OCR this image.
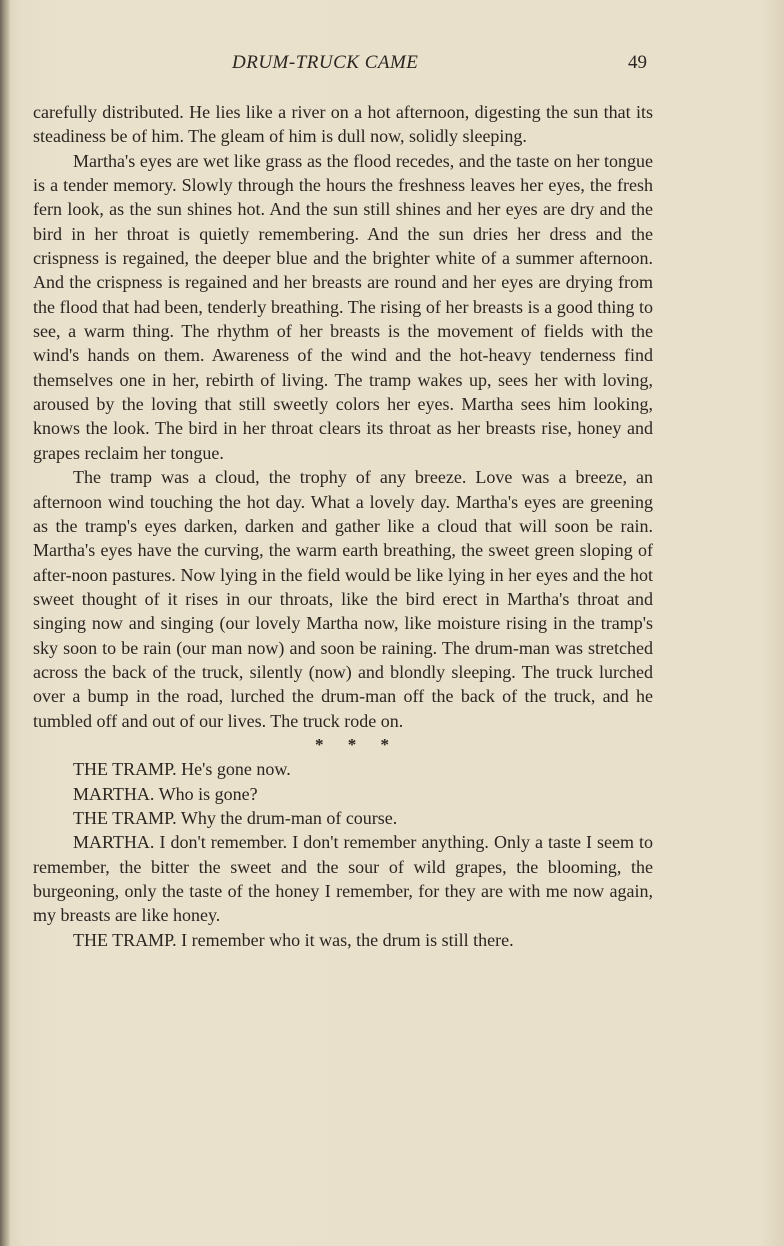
DRUM-TRUCK CAME	49

carefully distributed. He lies like a river on a hot afternoon, digesting the sun that its steadiness be of him. The gleam of him is dull now, solidly sleeping.

Martha's eyes are wet like grass as the flood recedes, and the taste on her tongue is a tender memory. Slowly through the hours the freshness leaves her eyes, the fresh fern look, as the sun shines hot. And the sun still shines and her eyes are dry and the bird in her throat is quietly remembering. And the sun dries her dress and the crispness is regained, the deeper blue and the brighter white of a summer afternoon. And the crispness is regained and her breasts are round and her eyes are drying from the flood that had been, tenderly breathing. The rising of her breasts is a good thing to see, a warm thing. The rhythm of her breasts is the movement of fields with the wind's hands on them. Awareness of the wind and the hot-heavy tenderness find themselves one in her, rebirth of living. The tramp wakes up, sees her with loving, aroused by the loving that still sweetly colors her eyes. Martha sees him looking, knows the look. The bird in her throat clears its throat as her breasts rise, honey and grapes reclaim her tongue.

The tramp was a cloud, the trophy of any breeze. Love was a breeze, an afternoon wind touching the hot day. What a lovely day. Martha's eyes are greening as the tramp's eyes darken, darken and gather like a cloud that will soon be rain. Martha's eyes have the curving, the warm earth breathing, the sweet green sloping of after-noon pastures. Now lying in the field would be like lying in her eyes and the hot sweet thought of it rises in our throats, like the bird erect in Martha's throat and singing now and singing (our lovely Martha now, like moisture rising in the tramp's sky soon to be rain (our man now) and soon be raining. The drum-man was stretched across the back of the truck, silently (now) and blondly sleeping. The truck lurched over a bump in the road, lurched the drum-man off the back of the truck, and he tumbled off and out of our lives. The truck rode on.

* * *

THE TRAMP. He's gone now.

MARTHA. Who is gone?

THE TRAMP. Why the drum-man of course.

MARTHA. I don't remember. I don't remember anything. Only a taste I seem to remember, the bitter the sweet and the sour of wild grapes, the blooming, the burgeoning, only the taste of the honey I remember, for they are with me now again, my breasts are like honey.

THE TRAMP. I remember who it was, the drum is still there.
